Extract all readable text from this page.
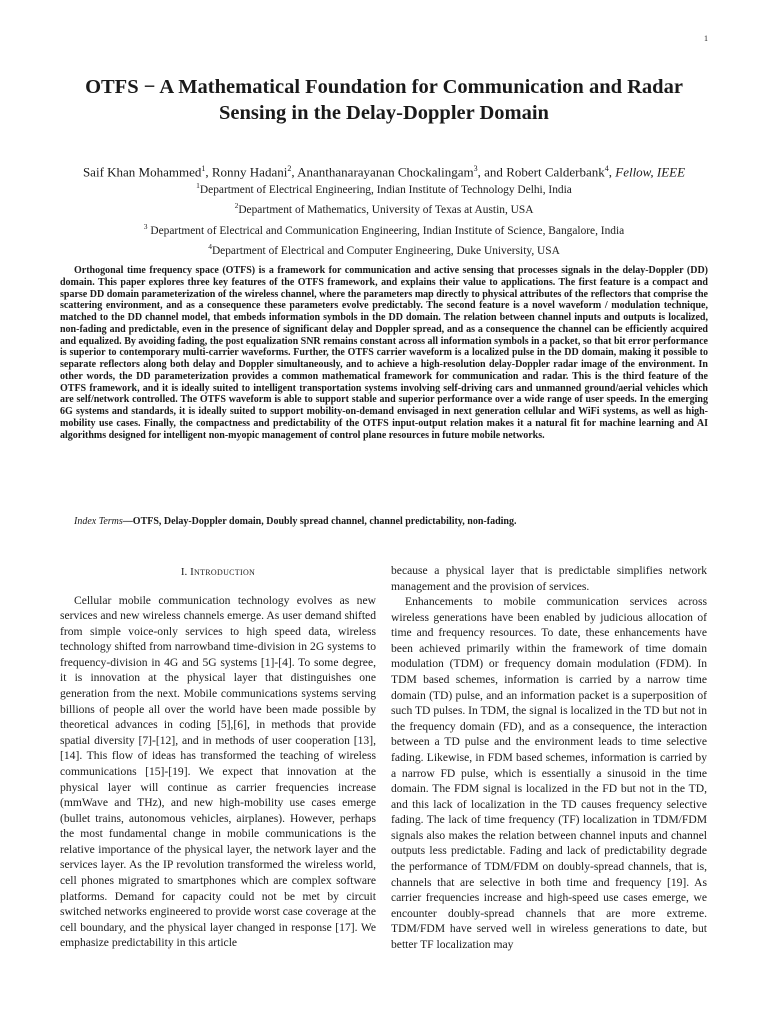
1
OTFS − A Mathematical Foundation for Communication and Radar
Sensing in the Delay-Doppler Domain
Saif Khan Mohammed$^1$, Ronny Hadani$^2$, Ananthanarayanan Chockalingam$^3$, and Robert Calderbank$^4$, Fellow, IEEE
$^1$Department of Electrical Engineering, Indian Institute of Technology Delhi, India
$^2$Department of Mathematics, University of Texas at Austin, USA
$^3$ Department of Electrical and Communication Engineering, Indian Institute of Science, Bangalore, India
$^4$Department of Electrical and Computer Engineering, Duke University, USA

Orthogonal time frequency space (OTFS) is a framework for communication and active sensing that processes signals in the delay-Doppler (DD) domain. This paper explores three key features of the OTFS framework, and explains their value to applications. The first feature is a compact and sparse DD domain parameterization of the wireless channel, where the parameters map directly to physical attributes of the reflectors that comprise the scattering environment, and as a consequence these parameters evolve predictably. The second feature is a novel waveform / modulation technique, matched to the DD channel model, that embeds information symbols in the DD domain. The relation between channel inputs and outputs is localized, non-fading and predictable, even in the presence of significant delay and Doppler spread, and as a consequence the channel can be efficiently acquired and equalized. By avoiding fading, the post equalization SNR remains constant across all information symbols in a packet, so that bit error performance is superior to contemporary multi-carrier waveforms. Further, the OTFS carrier waveform is a localized pulse in the DD domain, making it possible to separate reflectors along both delay and Doppler simultaneously, and to achieve a high-resolution delay-Doppler radar image of the environment. In other words, the DD parameterization provides a common mathematical framework for communication and radar. This is the third feature of the OTFS framework, and it is ideally suited to intelligent transportation systems involving self-driving cars and unmanned ground/aerial vehicles which are self/network controlled. The OTFS waveform is able to support stable and superior performance over a wide range of user speeds. In the emerging 6G systems and standards, it is ideally suited to support mobility-on-demand envisaged in next generation cellular and WiFi systems, as well as high-mobility use cases. Finally, the compactness and predictability of the OTFS input-output relation makes it a natural fit for machine learning and AI algorithms designed for intelligent non-myopic management of control plane resources in future mobile networks.

Index Terms—OTFS, Delay-Doppler domain, Doubly spread channel, channel predictability, non-fading.

I. Introduction

Cellular mobile communication technology evolves as new services and new wireless channels emerge. As user demand shifted from simple voice-only services to high speed data, wireless technology shifted from narrowband time-division in 2G systems to frequency-division in 4G and 5G systems [1]-[4]. To some degree, it is innovation at the physical layer that distinguishes one generation from the next. Mobile communications systems serving billions of people all over the world have been made possible by theoretical advances in coding [5],[6], in methods that provide spatial diversity [7]-[12], and in methods of user cooperation [13],[14]. This flow of ideas has transformed the teaching of wireless communications [15]-[19]. We expect that innovation at the physical layer will continue as carrier frequencies increase (mmWave and THz), and new high-mobility use cases emerge (bullet trains, autonomous vehicles, airplanes). However, perhaps the most fundamental change in mobile communications is the relative importance of the physical layer, the network layer and the services layer. As the IP revolution transformed the wireless world, cell phones migrated to smartphones which are complex software platforms. Demand for capacity could not be met by circuit switched networks engineered to provide worst case coverage at the cell boundary, and the physical layer changed in response [17]. We emphasize predictability in this article

because a physical layer that is predictable simplifies network management and the provision of services.

Enhancements to mobile communication services across wireless generations have been enabled by judicious allocation of time and frequency resources. To date, these enhancements have been achieved primarily within the framework of time domain modulation (TDM) or frequency domain modulation (FDM). In TDM based schemes, information is carried by a narrow time domain (TD) pulse, and an information packet is a superposition of such TD pulses. In TDM, the signal is localized in the TD but not in the frequency domain (FD), and as a consequence, the interaction between a TD pulse and the environment leads to time selective fading. Likewise, in FDM based schemes, information is carried by a narrow FD pulse, which is essentially a sinusoid in the time domain. The FDM signal is localized in the FD but not in the TD, and this lack of localization in the TD causes frequency selective fading. The lack of time frequency (TF) localization in TDM/FDM signals also makes the relation between channel inputs and channel outputs less predictable. Fading and lack of predictability degrade the performance of TDM/FDM on doubly-spread channels, that is, channels that are selective in both time and frequency [19]. As carrier frequencies increase and high-speed use cases emerge, we encounter doubly-spread channels that are more extreme. TDM/FDM have served well in wireless generations to date, but better TF localization may
